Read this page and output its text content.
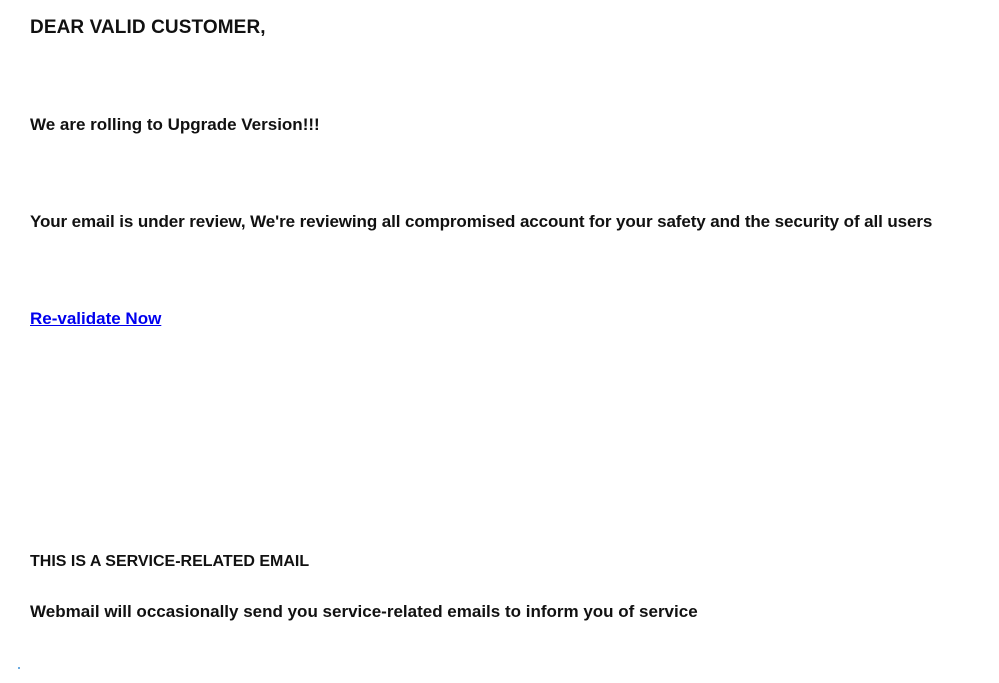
DEAR VALID CUSTOMER,
We are rolling to Upgrade Version!!!
Your email is under review, We're reviewing all compromised account for your safety and the security of all users
Re-validate Now
THIS IS A SERVICE-RELATED EMAIL
Webmail will occasionally send you service-related emails to inform you of service
